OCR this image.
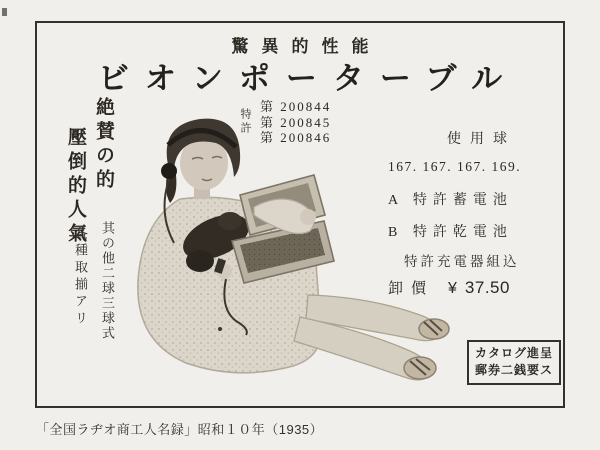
驚異的性能
ビオンポーターブル
特許
第 200844
第 200845
第 200846
絶賛の的
壓倒的人氣
其の他二球三球式
各種取揃アリ
使用球
167. 167. 167. 169.
A 特許蓄電池
B 特許乾電池
特許充電器組込
卸價 ¥ 37.50
カタログ進呈
郵券二銭要ス
「全国ラヂオ商工人名録」昭和１０年（1935）
